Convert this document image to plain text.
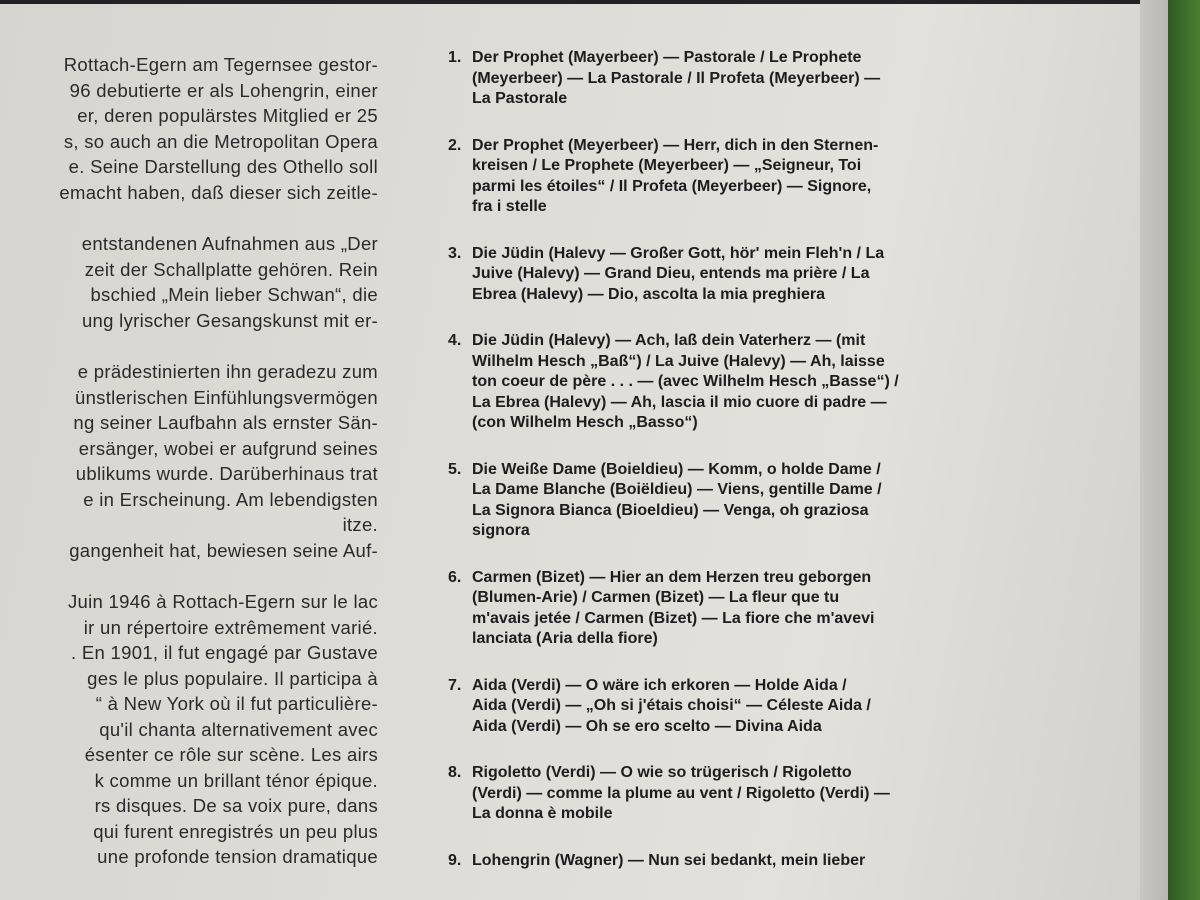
Rottach-Egern am Tegernsee gestor-
96 debutierte er als Lohengrin, einer
er, deren populärstes Mitglied er 25
s, so auch an die Metropolitan Opera
e. Seine Darstellung des Othello soll
emacht haben, daß dieser sich zeitle-
entstandenen Aufnahmen aus „Der
zeit der Schallplatte gehören. Rein
bschied „Mein lieber Schwan“, die
ung lyrischer Gesangskunst mit er-
e prädestinierten ihn geradezu zum
ünstlerischen Einfühlungsvermögen
ng seiner Laufbahn als ernster Sän-
ersänger, wobei er aufgrund seines
ublikums wurde. Darüberhinaus trat
e in Erscheinung. Am lebendigsten
itze.
gangenheit hat, bewiesen seine Auf-
Juin 1946 à Rottach-Egern sur le lac
ir un répertoire extrêmement varié.
. En 1901, il fut engagé par Gustave
ges le plus populaire. Il participa à
“ à New York où il fut particulière-
qu'il chanta alternativement avec
ésenter ce rôle sur scène. Les airs
k comme un brillant ténor épique.
rs disques. De sa voix pure, dans
qui furent enregistrés un peu plus
une profonde tension dramatique
1. Der Prophet (Mayerbeer) — Pastorale / Le Prophete
(Meyerbeer) — La Pastorale / Il Profeta (Meyerbeer) —
La Pastorale
2. Der Prophet (Meyerbeer) — Herr, dich in den Sternen-
kreisen / Le Prophete (Meyerbeer) — „Seigneur, Toi
parmi les étoiles“ / Il Profeta (Meyerbeer) — Signore,
fra i stelle
3. Die Jüdin (Halevy — Großer Gott, hör' mein Fleh'n / La
Juive (Halevy) — Grand Dieu, entends ma prière / La
Ebrea (Halevy) — Dio, ascolta la mia preghiera
4. Die Jüdin (Halevy) — Ach, laß dein Vaterherz — (mit
Wilhelm Hesch „Baß“) / La Juive (Halevy) — Ah, laisse
ton coeur de père . . . — (avec Wilhelm Hesch „Basse“) /
La Ebrea (Halevy) — Ah, lascia il mio cuore di padre —
(con Wilhelm Hesch „Basso“)
5. Die Weiße Dame (Boieldieu) — Komm, o holde Dame /
La Dame Blanche (Boiëldieu) — Viens, gentille Dame /
La Signora Bianca (Bioeldieu) — Venga, oh graziosa
signora
6. Carmen (Bizet) — Hier an dem Herzen treu geborgen
(Blumen-Arie) / Carmen (Bizet) — La fleur que tu
m'avais jetée / Carmen (Bizet) — La fiore che m'avevi
lanciata (Aria della fiore)
7. Aida (Verdi) — O wäre ich erkoren — Holde Aida /
Aida (Verdi) — „Oh si j'étais choisi“ — Céleste Aida /
Aida (Verdi) — Oh se ero scelto — Divina Aida
8. Rigoletto (Verdi) — O wie so trügerisch / Rigoletto
(Verdi) — comme la plume au vent / Rigoletto (Verdi) —
La donna è mobile
9. Lohengrin (Wagner) — Nun sei bedankt, mein lieber
